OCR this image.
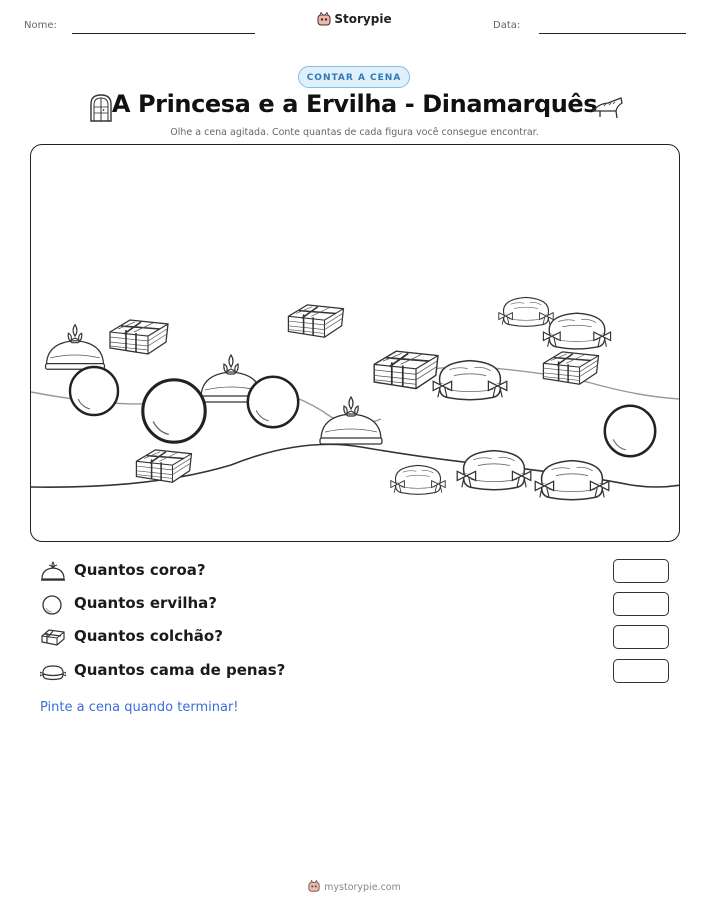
Nome:	Data:
Storypie
CONTAR A CENA
A Princesa e a Ervilha - Dinamarquês
Olhe a cena agitada. Conte quantas de cada figura você consegue encontrar.
Quantos coroa?
Quantos ervilha?
Quantos colchão?
Quantos cama de penas?
Pinte a cena quando terminar!
mystorypie.com
